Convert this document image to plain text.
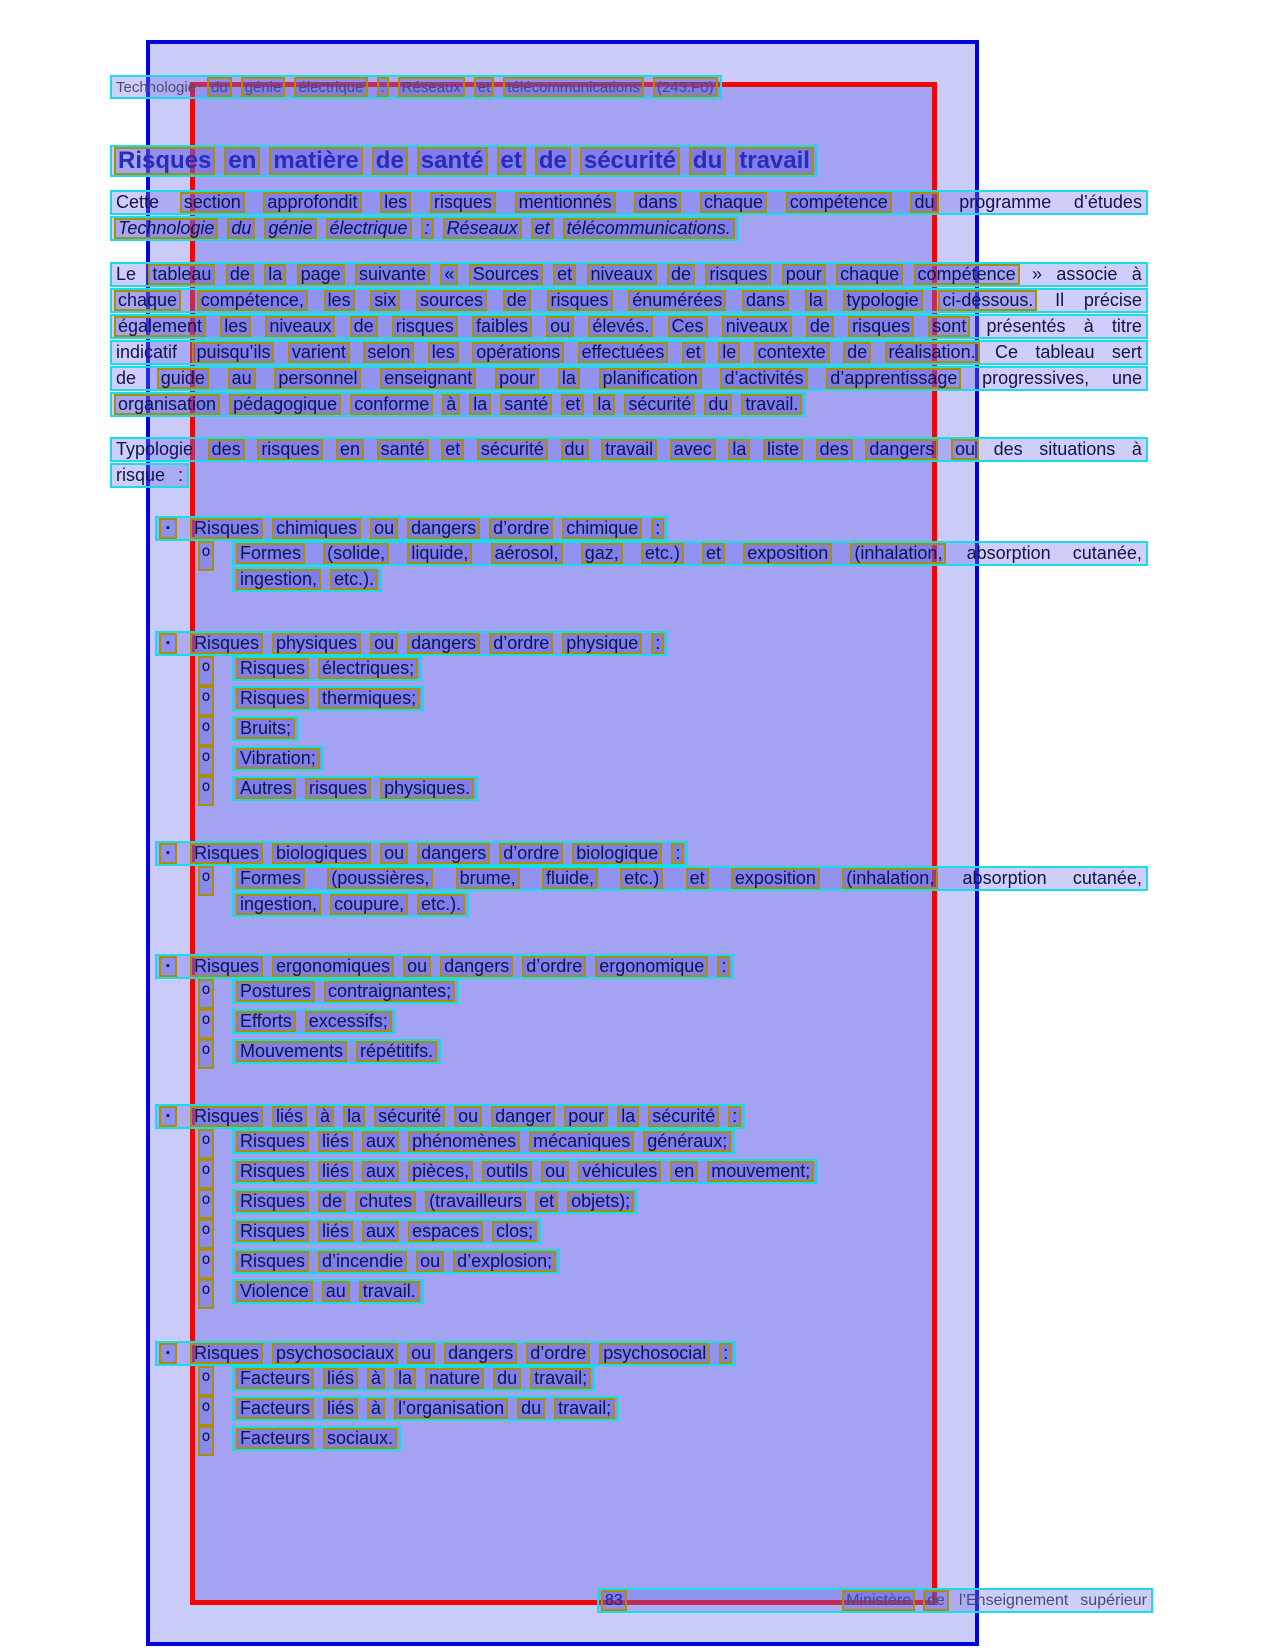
Technologie du génie électrique : Réseaux et télécommunications (243.F0)
Risques en matière de santé et de sécurité du travail
Cette section approfondit les risques mentionnés dans chaque compétence du programme d’études
Technologie du génie électrique : Réseaux et télécommunications.
Le tableau de la page suivante « Sources et niveaux de risques pour chaque compétence » associe à
chaque compétence, les six sources de risques énumérées dans la typologie ci-dessous. Il précise
également les niveaux de risques faibles ou élevés. Ces niveaux de risques sont présentés à titre
indicatif puisqu’ils varient selon les opérations effectuées et le contexte de réalisation. Ce tableau sert
de guide au personnel enseignant pour la planification d’activités d’apprentissage progressives, une
organisation pédagogique conforme à la santé et la sécurité du travail.
Typologie des risques en santé et sécurité du travail avec la liste des dangers ou des situations à
risque :
▪	Risques chimiques ou dangers d’ordre chimique :
o Formes (solide, liquide, aérosol, gaz, etc.) et exposition (inhalation, absorption cutanée,
ingestion, etc.).
▪	Risques physiques ou dangers d’ordre physique :
o Risques électriques;
o Risques thermiques;
o Bruits;
o Vibration;
o Autres risques physiques.
▪	Risques biologiques ou dangers d’ordre biologique :
o Formes (poussières, brume, fluide, etc.) et exposition (inhalation, absorption cutanée,
ingestion, coupure, etc.).
▪	Risques ergonomiques ou dangers d’ordre ergonomique :
o Postures contraignantes;
o Efforts excessifs;
o Mouvements répétitifs.
▪	Risques liés à la sécurité ou danger pour la sécurité :
o Risques liés aux phénomènes mécaniques généraux;
o Risques liés aux pièces, outils ou véhicules en mouvement;
o Risques de chutes (travailleurs et objets);
o Risques liés aux espaces clos;
o Risques d’incendie ou d’explosion;
o Violence au travail.
▪	Risques psychosociaux ou dangers d’ordre psychosocial :
o Facteurs liés à la nature du travail;
o Facteurs liés à l’organisation du travail;
o Facteurs sociaux.
83	Ministère de l’Enseignement supérieur
